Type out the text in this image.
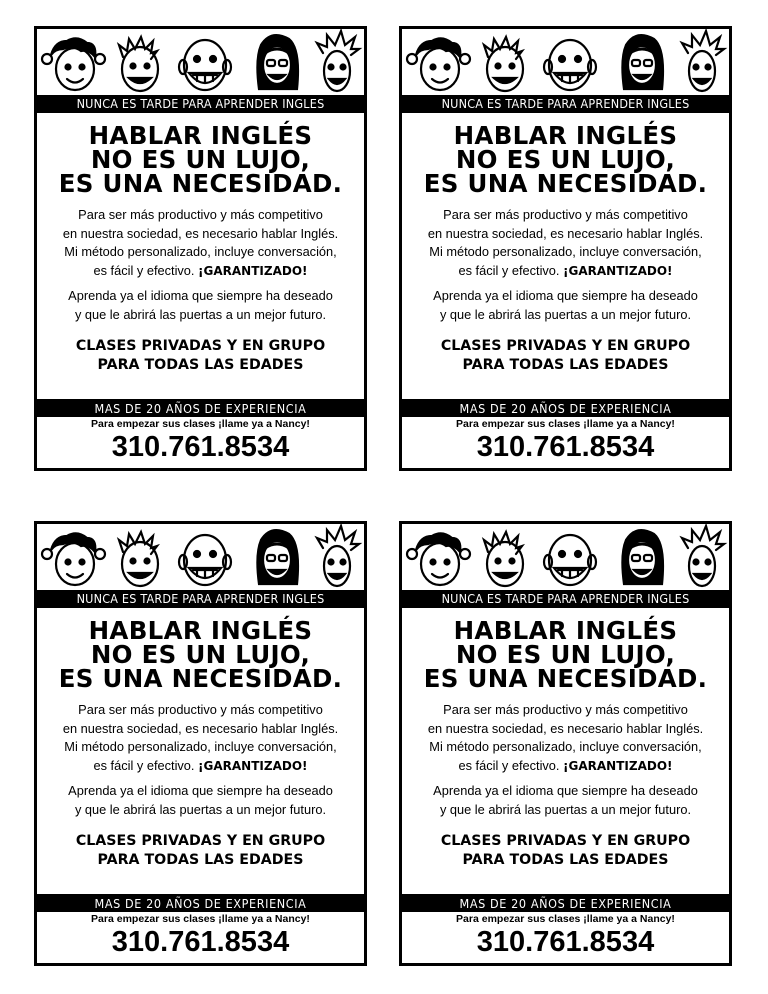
NUNCA ES TARDE PARA APRENDER INGLES
HABLAR INGLÉS
NO ES UN LUJO,
ES UNA NECESIDAD.
Para ser más productivo y más competitivo
en nuestra sociedad, es necesario hablar Inglés.
Mi método personalizado, incluye conversación,
es fácil y efectivo. ¡GARANTIZADO!
Aprenda ya el idioma que siempre ha deseado
y que le abrirá las puertas a un mejor futuro.
CLASES PRIVADAS Y EN GRUPO
PARA TODAS LAS EDADES
MAS DE 20 AÑOS DE EXPERIENCIA
Para empezar sus clases ¡llame ya a Nancy!
310.761.8534
NUNCA ES TARDE PARA APRENDER INGLES
HABLAR INGLÉS
NO ES UN LUJO,
ES UNA NECESIDAD.
Para ser más productivo y más competitivo
en nuestra sociedad, es necesario hablar Inglés.
Mi método personalizado, incluye conversación,
es fácil y efectivo. ¡GARANTIZADO!
Aprenda ya el idioma que siempre ha deseado
y que le abrirá las puertas a un mejor futuro.
CLASES PRIVADAS Y EN GRUPO
PARA TODAS LAS EDADES
MAS DE 20 AÑOS DE EXPERIENCIA
Para empezar sus clases ¡llame ya a Nancy!
310.761.8534
NUNCA ES TARDE PARA APRENDER INGLES
HABLAR INGLÉS
NO ES UN LUJO,
ES UNA NECESIDAD.
Para ser más productivo y más competitivo
en nuestra sociedad, es necesario hablar Inglés.
Mi método personalizado, incluye conversación,
es fácil y efectivo. ¡GARANTIZADO!
Aprenda ya el idioma que siempre ha deseado
y que le abrirá las puertas a un mejor futuro.
CLASES PRIVADAS Y EN GRUPO
PARA TODAS LAS EDADES
MAS DE 20 AÑOS DE EXPERIENCIA
Para empezar sus clases ¡llame ya a Nancy!
310.761.8534
NUNCA ES TARDE PARA APRENDER INGLES
HABLAR INGLÉS
NO ES UN LUJO,
ES UNA NECESIDAD.
Para ser más productivo y más competitivo
en nuestra sociedad, es necesario hablar Inglés.
Mi método personalizado, incluye conversación,
es fácil y efectivo. ¡GARANTIZADO!
Aprenda ya el idioma que siempre ha deseado
y que le abrirá las puertas a un mejor futuro.
CLASES PRIVADAS Y EN GRUPO
PARA TODAS LAS EDADES
MAS DE 20 AÑOS DE EXPERIENCIA
Para empezar sus clases ¡llame ya a Nancy!
310.761.8534
